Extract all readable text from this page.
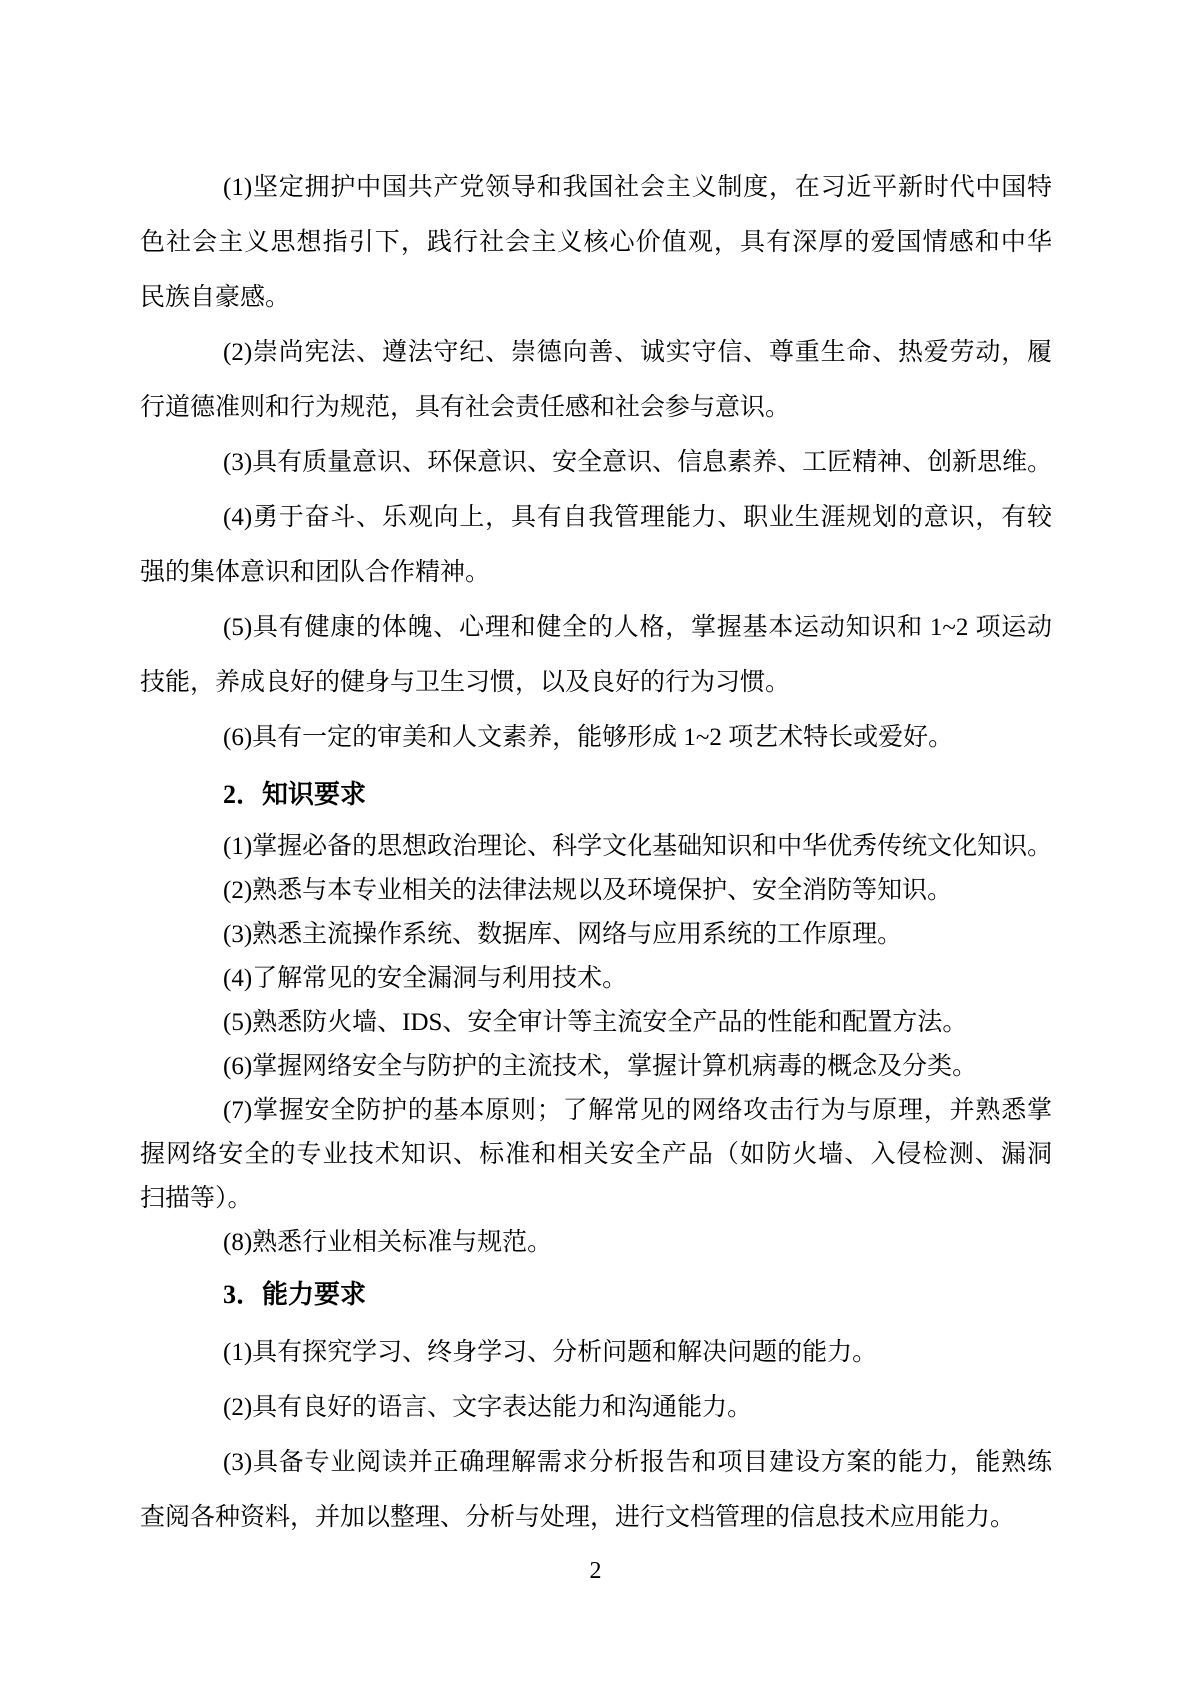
(1)坚定拥护中国共产党领导和我国社会主义制度，在习近平新时代中国特
色社会主义思想指引下，践行社会主义核心价值观，具有深厚的爱国情感和中华
民族自豪感。
(2)崇尚宪法、遵法守纪、崇德向善、诚实守信、尊重生命、热爱劳动，履
行道德准则和行为规范，具有社会责任感和社会参与意识。
(3)具有质量意识、环保意识、安全意识、信息素养、工匠精神、创新思维。
(4)勇于奋斗、乐观向上，具有自我管理能力、职业生涯规划的意识，有较
强的集体意识和团队合作精神。
(5)具有健康的体魄、心理和健全的人格，掌握基本运动知识和 1~2 项运动
技能，养成良好的健身与卫生习惯，以及良好的行为习惯。
(6)具有一定的审美和人文素养，能够形成 1~2 项艺术特长或爱好。
2．知识要求
(1)掌握必备的思想政治理论、科学文化基础知识和中华优秀传统文化知识。
(2)熟悉与本专业相关的法律法规以及环境保护、安全消防等知识。
(3)熟悉主流操作系统、数据库、网络与应用系统的工作原理。
(4)了解常见的安全漏洞与利用技术。
(5)熟悉防火墙、IDS、安全审计等主流安全产品的性能和配置方法。
(6)掌握网络安全与防护的主流技术，掌握计算机病毒的概念及分类。
(7)掌握安全防护的基本原则；了解常见的网络攻击行为与原理，并熟悉掌
握网络安全的专业技术知识、标准和相关安全产品（如防火墙、入侵检测、漏洞
扫描等）。
(8)熟悉行业相关标准与规范。
3．能力要求
(1)具有探究学习、终身学习、分析问题和解决问题的能力。
(2)具有良好的语言、文字表达能力和沟通能力。
(3)具备专业阅读并正确理解需求分析报告和项目建设方案的能力，能熟练
查阅各种资料，并加以整理、分析与处理，进行文档管理的信息技术应用能力。
2
